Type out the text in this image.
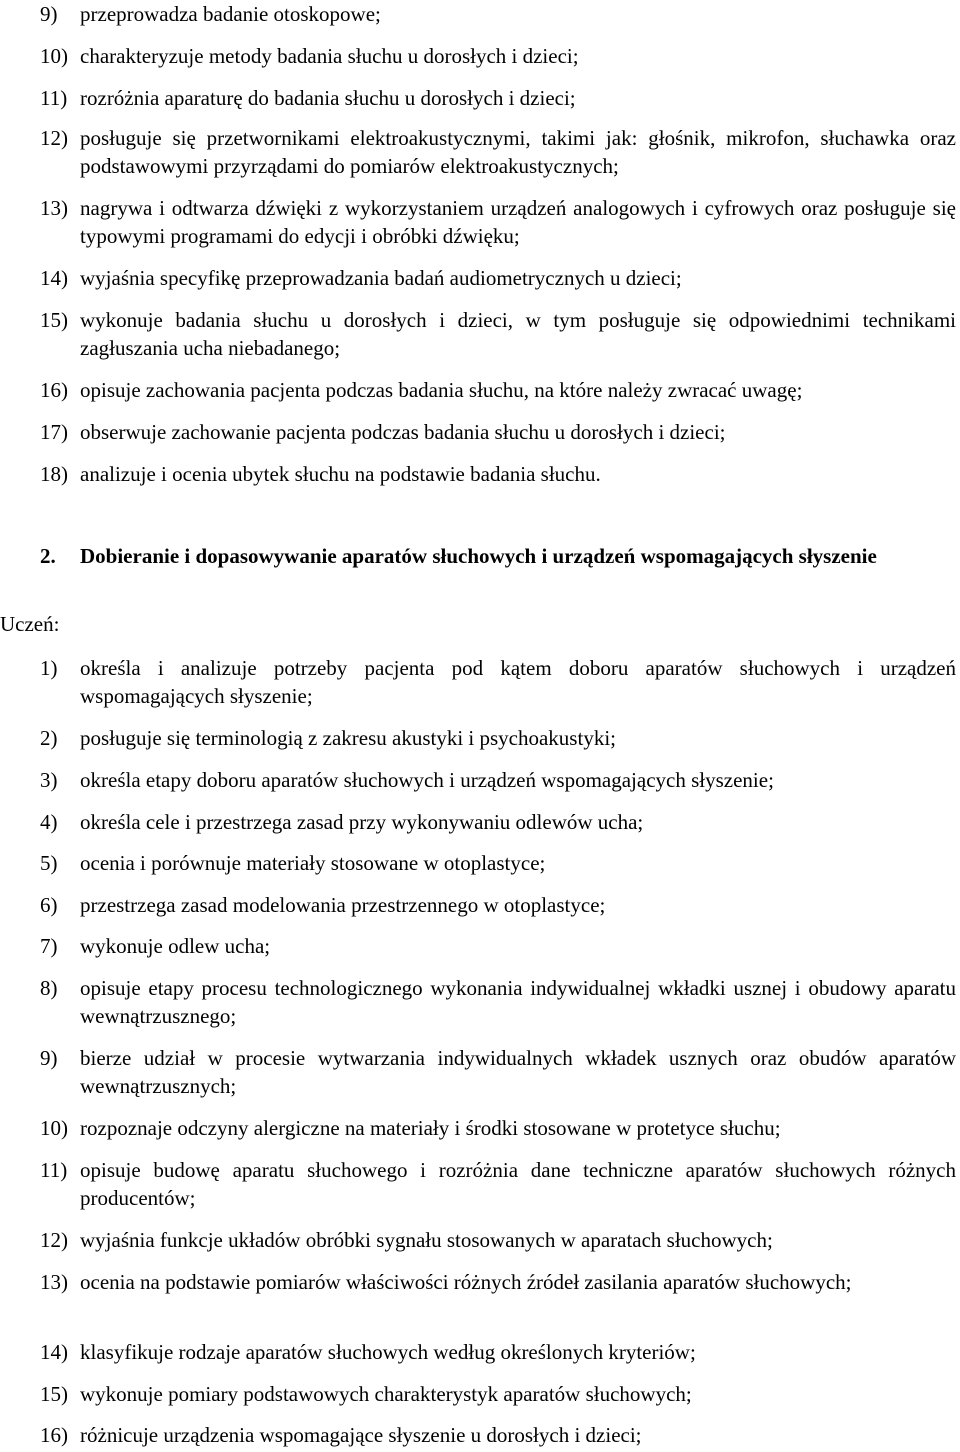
9)	przeprowadza badanie otoskopowe;
10) charakteryzuje metody badania słuchu u dorosłych i dzieci;
11) rozróżnia aparaturę do badania słuchu u dorosłych i dzieci;
12) posługuje się przetwornikami elektroakustycznymi, takimi jak: głośnik, mikrofon, słuchawka oraz podstawowymi przyrządami do pomiarów elektroakustycznych;
13) nagrywa i odtwarza dźwięki z wykorzystaniem urządzeń analogowych i cyfrowych oraz posługuje się typowymi programami do edycji i obróbki dźwięku;
14) wyjaśnia specyfikę przeprowadzania badań audiometrycznych u dzieci;
15) wykonuje badania słuchu u dorosłych i dzieci, w tym posługuje się odpowiednimi technikami zagłuszania ucha niebadanego;
16) opisuje zachowania pacjenta podczas badania słuchu, na które należy zwracać uwagę;
17) obserwuje zachowanie pacjenta podczas badania słuchu u dorosłych i dzieci;
18) analizuje i ocenia ubytek słuchu na podstawie badania słuchu.
2.	Dobieranie i dopasowywanie aparatów słuchowych i urządzeń wspomagających słyszenie
Uczeń:
1)	określa i analizuje potrzeby pacjenta pod kątem doboru aparatów słuchowych i urządzeń wspomagających słyszenie;
2)	posługuje się terminologią z zakresu akustyki i psychoakustyki;
3)	określa etapy doboru aparatów słuchowych i urządzeń wspomagających słyszenie;
4)	określa cele i przestrzega zasad przy wykonywaniu odlewów ucha;
5)	ocenia i porównuje materiały stosowane w otoplastyce;
6)	przestrzega zasad modelowania przestrzennego w otoplastyce;
7)	wykonuje odlew ucha;
8)	opisuje etapy procesu technologicznego wykonania indywidualnej wkładki usznej i obudowy aparatu wewnątrzusznego;
9)	bierze udział w procesie wytwarzania indywidualnych wkładek usznych oraz obudów aparatów wewnątrzusznych;
10) rozpoznaje odczyny alergiczne na materiały i środki stosowane w protetyce słuchu;
11) opisuje budowę aparatu słuchowego i rozróżnia dane techniczne aparatów słuchowych różnych producentów;
12) wyjaśnia funkcje układów obróbki sygnału stosowanych w aparatach słuchowych;
13) ocenia na podstawie pomiarów właściwości różnych źródeł zasilania aparatów słuchowych;
14) klasyfikuje rodzaje aparatów słuchowych według określonych kryteriów;
15) wykonuje pomiary podstawowych charakterystyk aparatów słuchowych;
16) różnicuje urządzenia wspomagające słyszenie u dorosłych i dzieci;
